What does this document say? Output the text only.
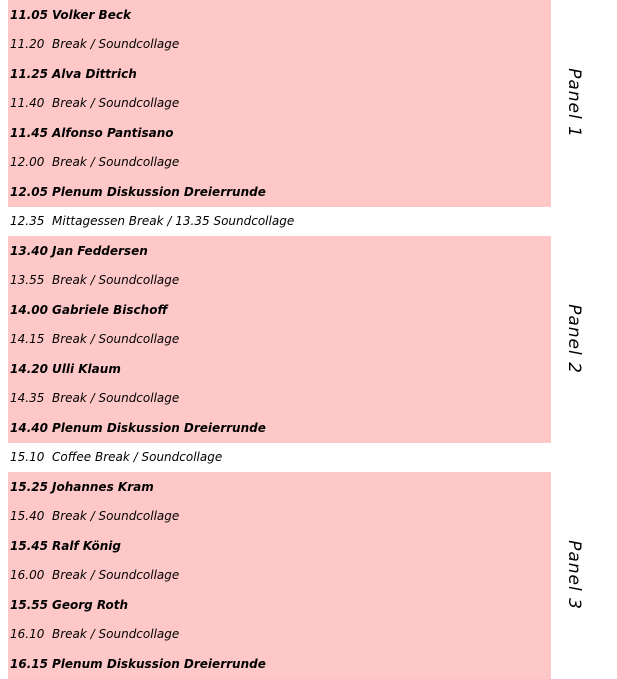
11.05 Volker Beck
11.20 Break / Soundcollage
11.25 Alva Dittrich
11.40 Break / Soundcollage
11.45 Alfonso Pantisano
12.00 Break / Soundcollage
12.05 Plenum Diskussion Dreierrunde
Panel 1
12.35 Mittagessen Break / 13.35 Soundcollage
13.40 Jan Feddersen
13.55 Break / Soundcollage
14.00 Gabriele Bischoff
14.15 Break / Soundcollage
14.20 Ulli Klaum
14.35 Break / Soundcollage
14.40 Plenum Diskussion Dreierrunde
Panel 2
15.10 Coffee Break / Soundcollage
15.25 Johannes Kram
15.40 Break / Soundcollage
15.45 Ralf König
16.00 Break / Soundcollage
15.55 Georg Roth
16.10 Break / Soundcollage
16.15 Plenum Diskussion Dreierrunde
Panel 3
